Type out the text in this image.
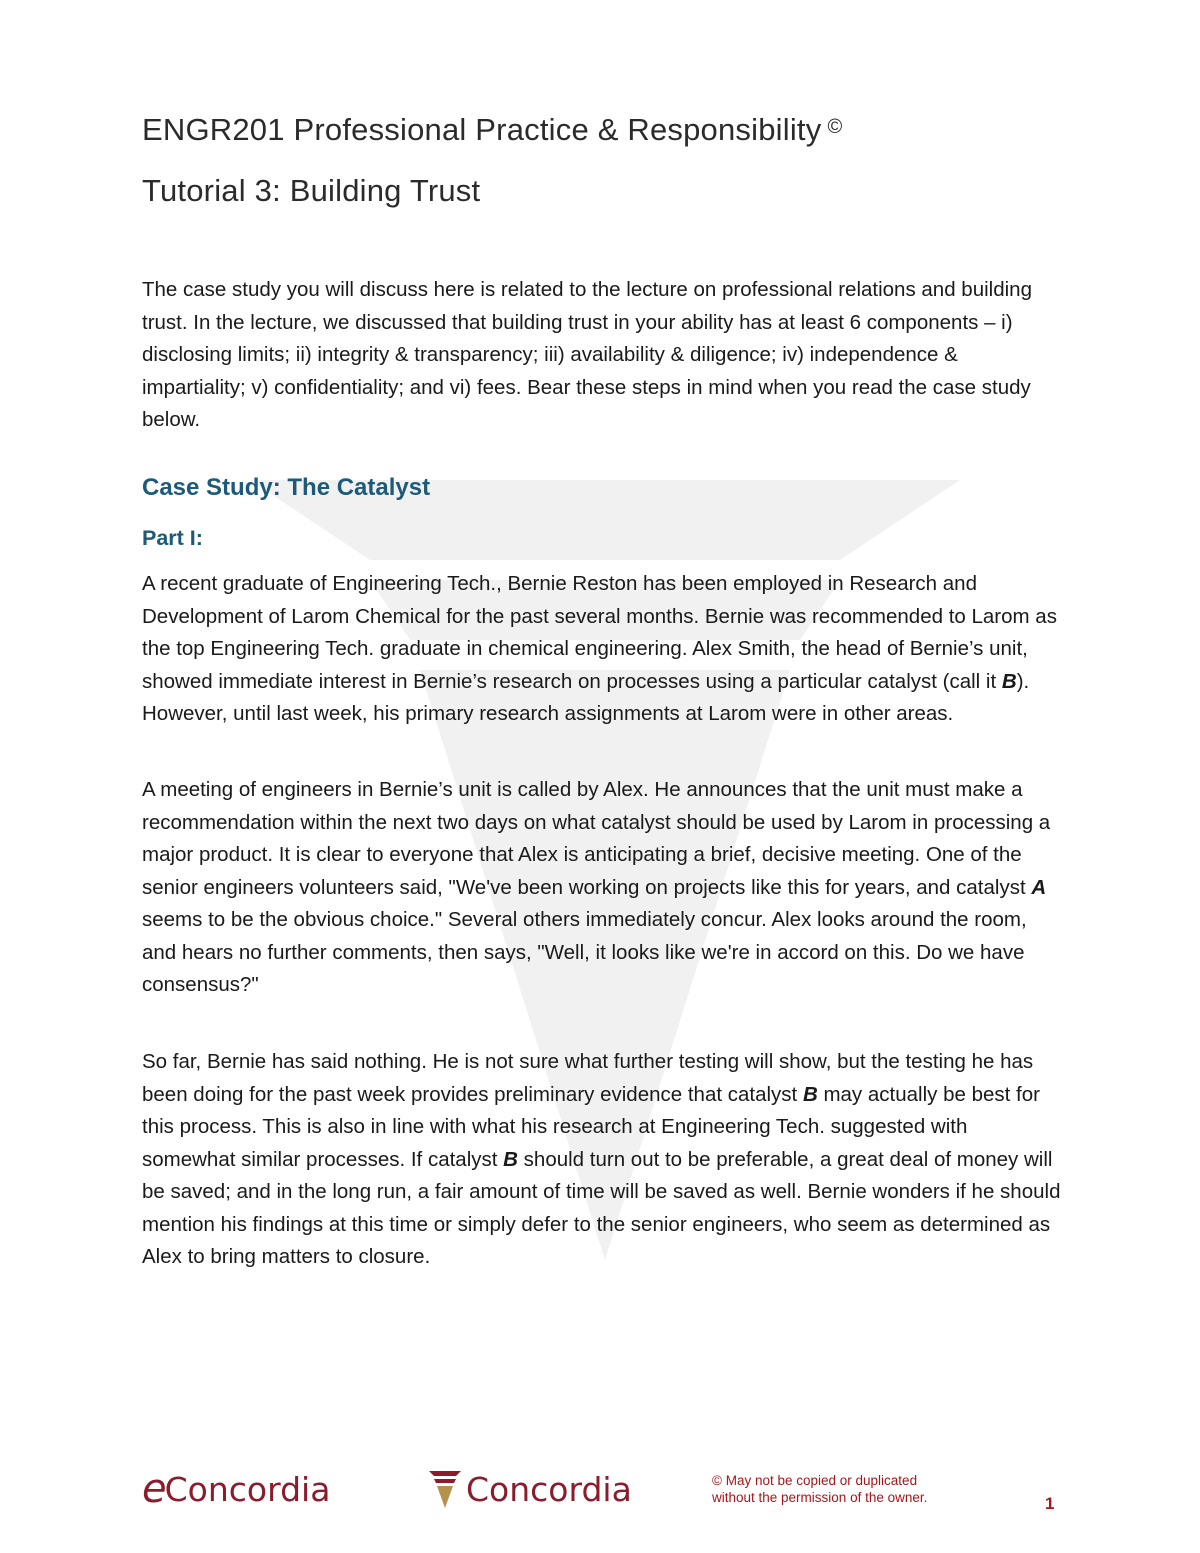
ENGR201 Professional Practice & Responsibility ©
Tutorial 3: Building Trust

The case study you will discuss here is related to the lecture on professional relations and building trust. In the lecture, we discussed that building trust in your ability has at least 6 components – i) disclosing limits; ii) integrity & transparency; iii) availability & diligence; iv) independence & impartiality; v) confidentiality; and vi) fees. Bear these steps in mind when you read the case study below.

Case Study: The Catalyst
Part I:

A recent graduate of Engineering Tech., Bernie Reston has been employed in Research and Development of Larom Chemical for the past several months. Bernie was recommended to Larom as the top Engineering Tech. graduate in chemical engineering. Alex Smith, the head of Bernie’s unit, showed immediate interest in Bernie’s research on processes using a particular catalyst (call it B). However, until last week, his primary research assignments at Larom were in other areas.

A meeting of engineers in Bernie’s unit is called by Alex. He announces that the unit must make a recommendation within the next two days on what catalyst should be used by Larom in processing a major product. It is clear to everyone that Alex is anticipating a brief, decisive meeting. One of the senior engineers volunteers said, "We've been working on projects like this for years, and catalyst A seems to be the obvious choice." Several others immediately concur. Alex looks around the room, and hears no further comments, then says, "Well, it looks like we're in accord on this. Do we have consensus?"

So far, Bernie has said nothing. He is not sure what further testing will show, but the testing he has been doing for the past week provides preliminary evidence that catalyst B may actually be best for this process. This is also in line with what his research at Engineering Tech. suggested with somewhat similar processes. If catalyst B should turn out to be preferable, a great deal of money will be saved; and in the long run, a fair amount of time will be saved as well. Bernie wonders if he should mention his findings at this time or simply defer to the senior engineers, who seem as determined as Alex to bring matters to closure.

e
Concordia	Concordia	© May not be copied or duplicated
without the permission of the owner.	1
